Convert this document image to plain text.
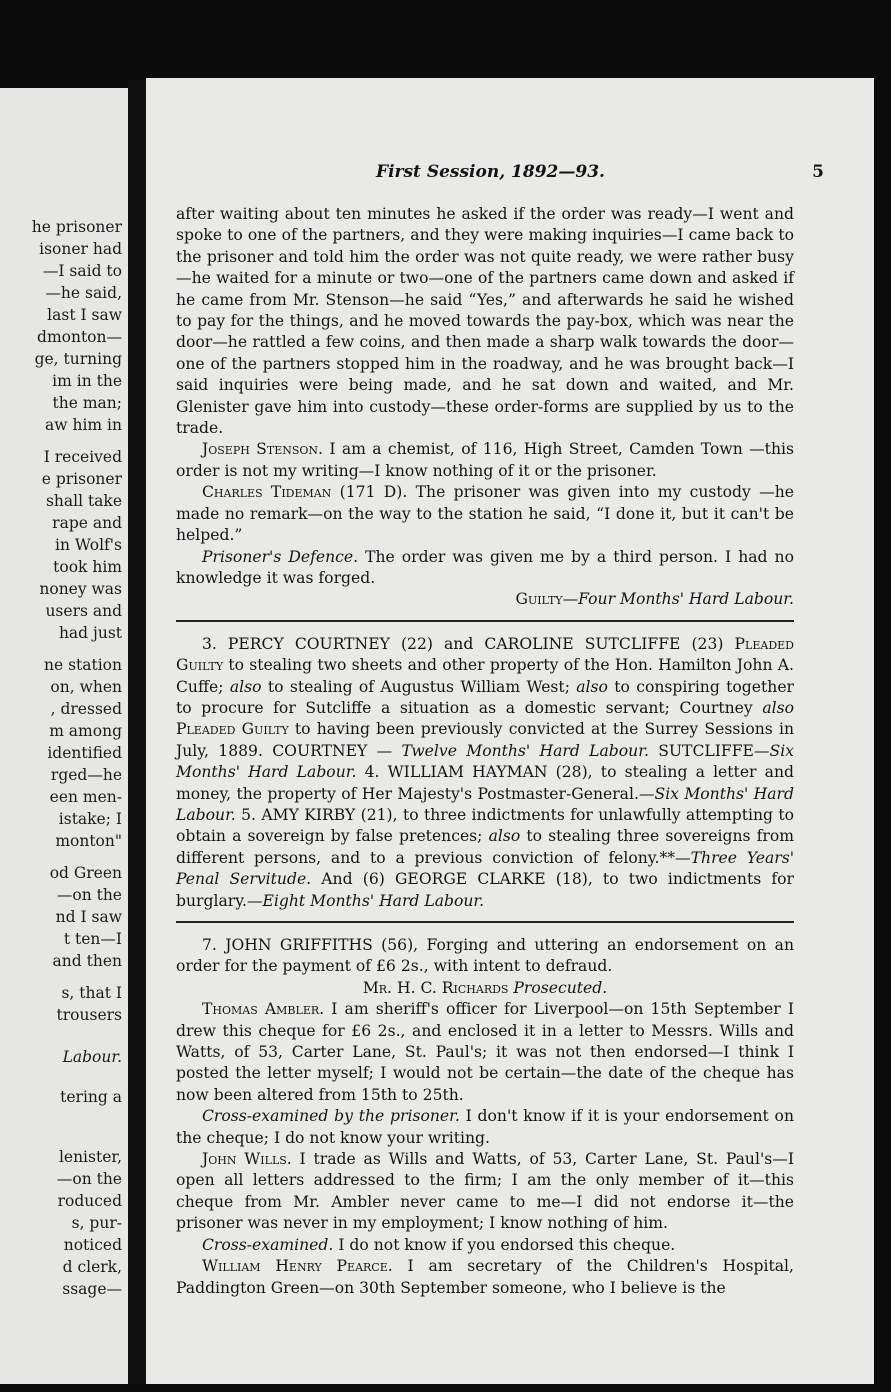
he prisoner
isoner had
—I said to
—he said,
last I saw
dmonton—
ge, turning
im in the
the man;
aw him in
I received
e prisoner
shall take
rape and
in Wolf's
took him
noney was
users and
had just
ne station
on, when
, dressed
m among
identified
rged—he
een men-
istake; I
monton"
od Green
—on the
nd I saw
t ten—I
and then
s, that I
trousers
Labour.
tering a
lenister,
—on the
roduced
s, pur-
noticed
d clerk,
ssage—
First Session, 1892—93.	5

after waiting about ten minutes he asked if the order was ready—I went and spoke to one of the partners, and they were making inquiries—I came back to the prisoner and told him the order was not quite ready, we were rather busy—he waited for a minute or two—one of the partners came down and asked if he came from Mr. Stenson—he said “Yes,” and afterwards he said he wished to pay for the things, and he moved towards the pay-box, which was near the door—he rattled a few coins, and then made a sharp walk towards the door—one of the partners stopped him in the roadway, and he was brought back—I said inquiries were being made, and he sat down and waited, and Mr. Glenister gave him into custody—these order-forms are supplied by us to the trade.

Joseph Stenson. I am a chemist, of 116, High Street, Camden Town —this order is not my writing—I know nothing of it or the prisoner.

Charles Tideman (171 D). The prisoner was given into my custody —he made no remark—on the way to the station he said, “I done it, but it can't be helped.”

Prisoner's Defence. The order was given me by a third person. I had no knowledge it was forged.

Guilty—Four Months' Hard Labour.

3. PERCY COURTNEY (22) and CAROLINE SUTCLIFFE (23) Pleaded Guilty to stealing two sheets and other property of the Hon. Hamilton John A. Cuffe; also to stealing of Augustus William West; also to conspiring together to procure for Sutcliffe a situation as a domestic servant; Courtney also Pleaded Guilty to having been previously convicted at the Surrey Sessions in July, 1889. COURTNEY — Twelve Months' Hard Labour. SUTCLIFFE—Six Months' Hard Labour. 4. WILLIAM HAYMAN (28), to stealing a letter and money, the property of Her Majesty's Postmaster-General.—Six Months' Hard Labour. 5. AMY KIRBY (21), to three indictments for unlawfully attempting to obtain a sovereign by false pretences; also to stealing three sovereigns from different persons, and to a previous conviction of felony.**—Three Years' Penal Servitude. And (6) GEORGE CLARKE (18), to two indictments for burglary.—Eight Months' Hard Labour.

7. JOHN GRIFFITHS (56), Forging and uttering an endorsement on an order for the payment of £6 2s., with intent to defraud.

Mr. H. C. Richards Prosecuted.

Thomas Ambler. I am sheriff's officer for Liverpool—on 15th September I drew this cheque for £6 2s., and enclosed it in a letter to Messrs. Wills and Watts, of 53, Carter Lane, St. Paul's; it was not then endorsed—I think I posted the letter myself; I would not be certain—the date of the cheque has now been altered from 15th to 25th.

Cross-examined by the prisoner. I don't know if it is your endorsement on the cheque; I do not know your writing.

John Wills. I trade as Wills and Watts, of 53, Carter Lane, St. Paul's—I open all letters addressed to the firm; I am the only member of it—this cheque from Mr. Ambler never came to me—I did not endorse it—the prisoner was never in my employment; I know nothing of him.

Cross-examined. I do not know if you endorsed this cheque.

William Henry Pearce. I am secretary of the Children's Hospital, Paddington Green—on 30th September someone, who I believe is the
